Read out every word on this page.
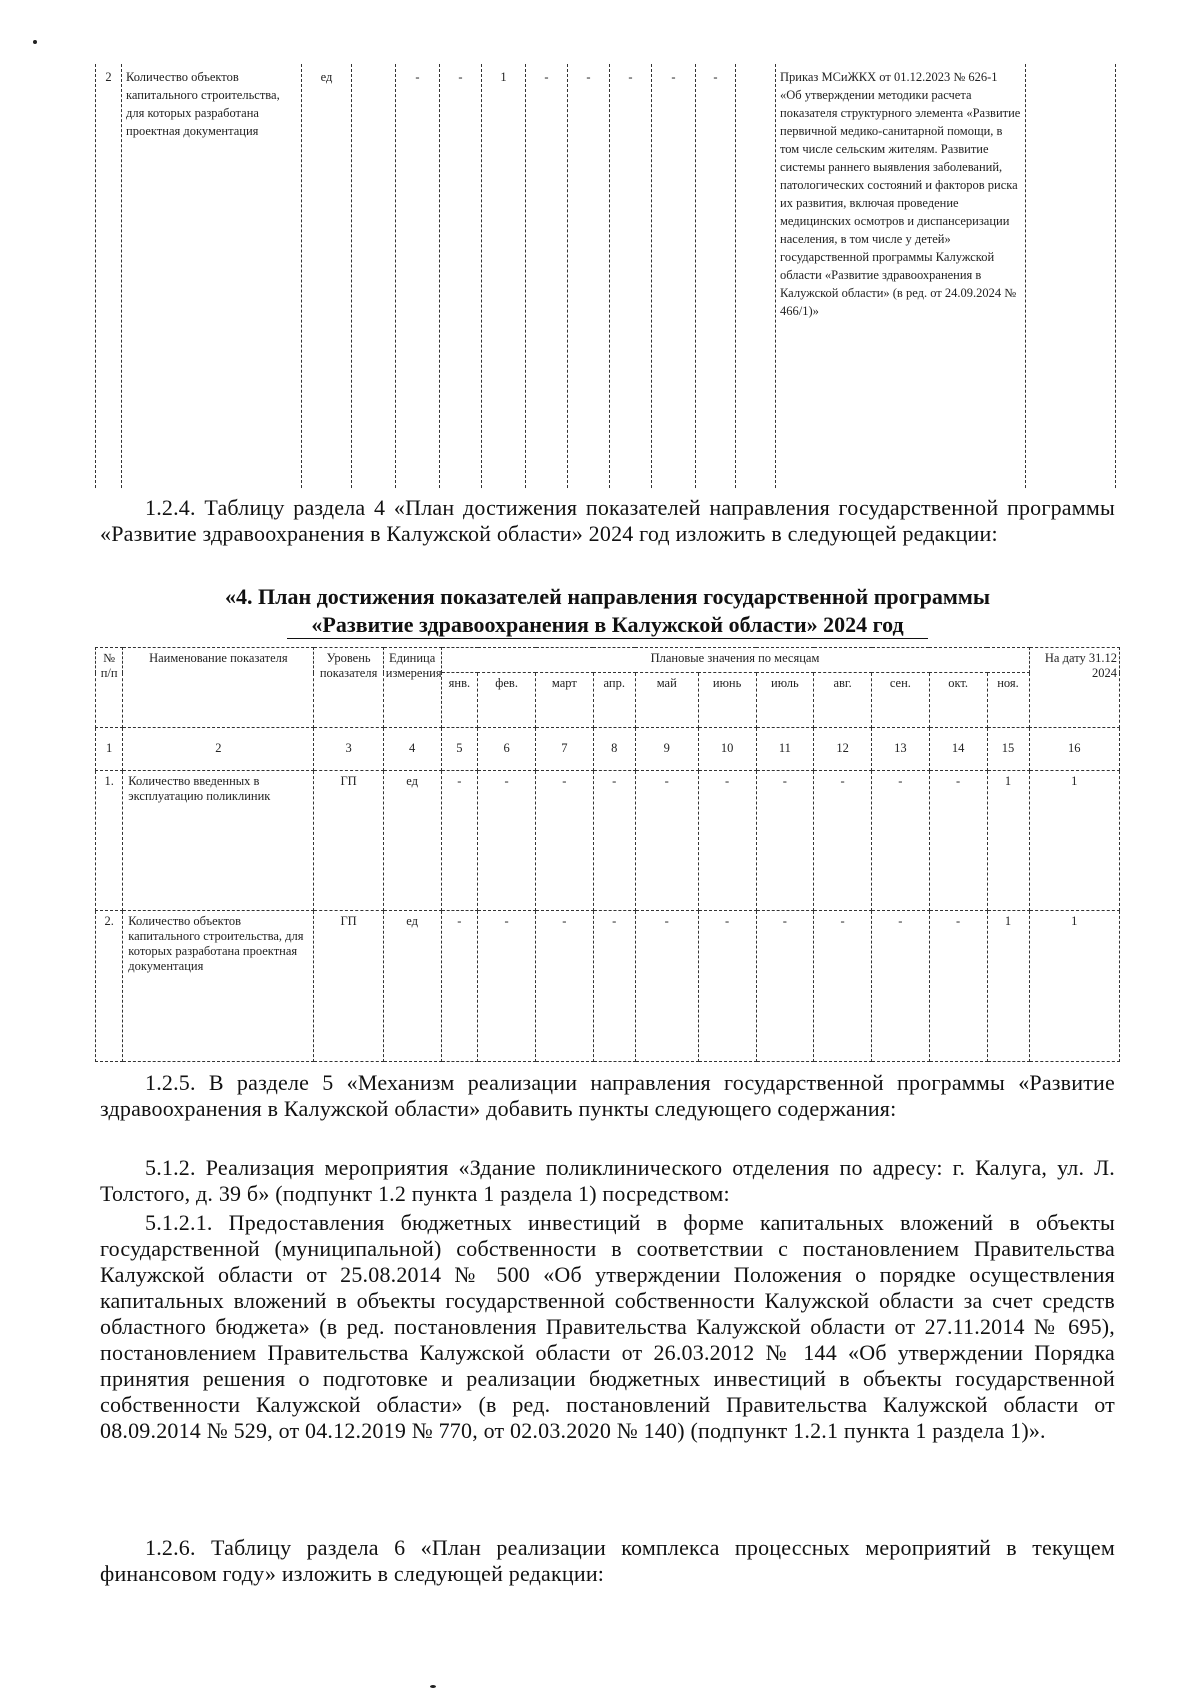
2	Количество объектов капитального строительства, для которых разработана проектная документация	ед		-	-	1	-	-	-	-	-		Приказ МСиЖКХ от 01.12.2023 № 626-1 «Об утверждении методики расчета показателя структурного элемента «Развитие первичной медико-санитарной помощи, в том числе сельским жителям. Развитие системы раннего выявления заболеваний, патологических состояний и факторов риска их развития, включая проведение медицинских осмотров и диспансеризации населения, в том числе у детей» государственной программы Калужской области «Развитие здравоохранения в Калужской области» (в ред. от 24.09.2024 № 466/1)»	
1.2.4. Таблицу раздела 4 «План достижения показателей направления государственной программы «Развитие здравоохранения в Калужской области» 2024 год изложить в следующей редакции:
«4. План достижения показателей направления государственной программы
«Развитие здравоохранения в Калужской области» 2024 год
№ п/п	Наименование показателя	Уровень показателя	Единица измерения	Плановые значения по месяцам											На дату 31.12 2024
				янв.	фев.	март	апр.	май	июнь	июль	авг.	сен.	окт.	ноя.	
1	2	3	4	5	6	7	8	9	10	11	12	13	14	15	16
1.	Количество введенных в эксплуатацию поликлиник	ГП	ед	-	-	-	-	-	-	-	-	-	-	1	1
2.	Количество объектов капитального строительства, для которых разработана проектная документация	ГП	ед	-	-	-	-	-	-	-	-	-	-	1	1
1.2.5. В разделе 5 «Механизм реализации направления государственной программы «Развитие здравоохранения в Калужской области» добавить пункты следующего содержания:
5.1.2. Реализация мероприятия «Здание поликлинического отделения по адресу: г. Калуга, ул. Л. Толстого, д. 39 б» (подпункт 1.2 пункта 1 раздела 1) посредством:
5.1.2.1. Предоставления бюджетных инвестиций в форме капитальных вложений в объекты государственной (муниципальной) собственности в соответствии с постановлением Правительства Калужской области от 25.08.2014 № 500 «Об утверждении Положения о порядке осуществления капитальных вложений в объекты государственной собственности Калужской области за счет средств областного бюджета» (в ред. постановления Правительства Калужской области от 27.11.2014 № 695), постановлением Правительства Калужской области от 26.03.2012 № 144 «Об утверждении Порядка принятия решения о подготовке и реализации бюджетных инвестиций в объекты государственной собственности Калужской области» (в ред. постановлений Правительства Калужской области от 08.09.2014 № 529, от 04.12.2019 № 770, от 02.03.2020 № 140) (подпункт 1.2.1 пункта 1 раздела 1)».
1.2.6. Таблицу раздела 6 «План реализации комплекса процессных мероприятий в текущем финансовом году» изложить в следующей редакции:
